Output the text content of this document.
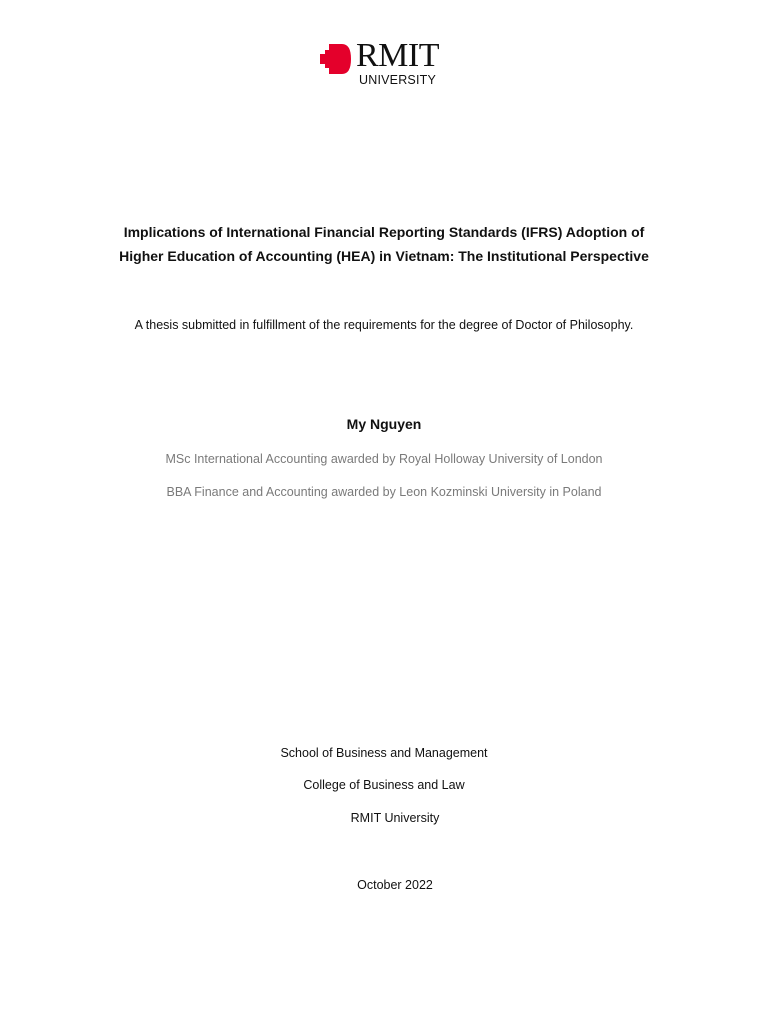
RMIT
UNIVERSITY
Implications of International Financial Reporting Standards (IFRS) Adoption of
Higher Education of Accounting (HEA) in Vietnam: The Institutional Perspective
A thesis submitted in fulfillment of the requirements for the degree of Doctor of Philosophy.
My Nguyen
MSc International Accounting awarded by Royal Holloway University of London
BBA Finance and Accounting awarded by Leon Kozminski University in Poland
School of Business and Management
College of Business and Law
RMIT University
October 2022
